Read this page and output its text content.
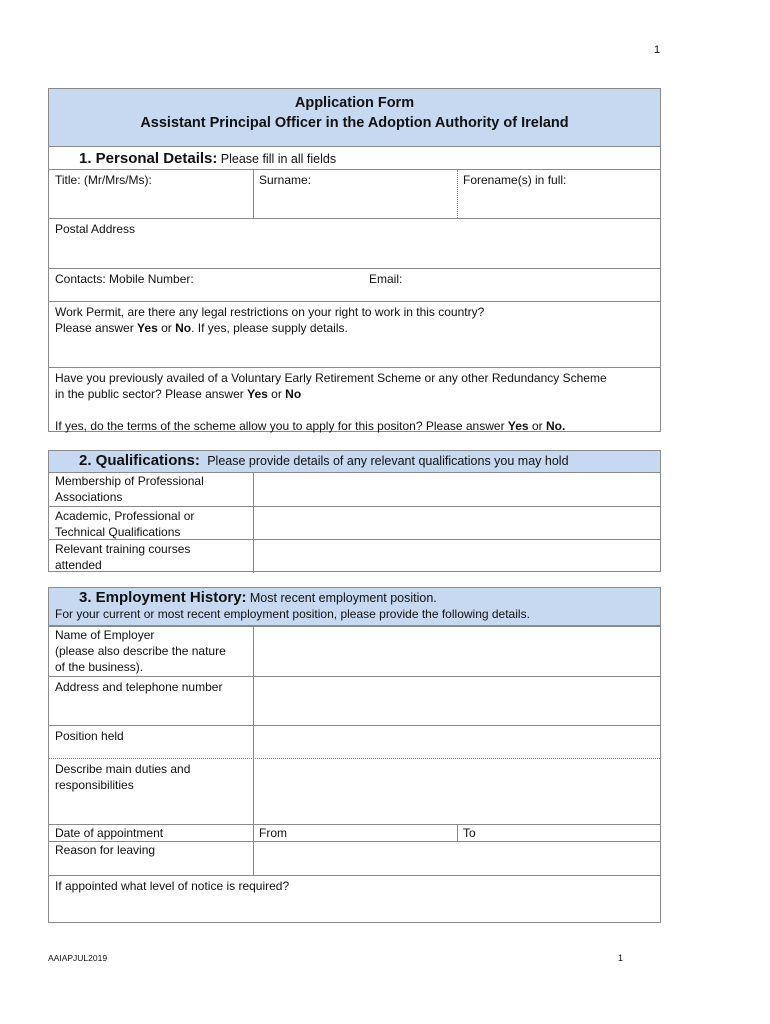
1
Application Form
Assistant Principal Officer in the Adoption Authority of Ireland
1. Personal Details: Please fill in all fields
Title: (Mr/Mrs/Ms):	Surname:	Forename(s) in full:
Postal Address
Contacts: Mobile Number:	Email:
Work Permit, are there any legal restrictions on your right to work in this country?
Please answer Yes or No. If yes, please supply details.
Have you previously availed of a Voluntary Early Retirement Scheme or any other Redundancy Scheme
in the public sector? Please answer Yes or No
If yes, do the terms of the scheme allow you to apply for this positon? Please answer Yes or No.
2. Qualifications: Please provide details of any relevant qualifications you may hold
Membership of Professional
Associations
Academic, Professional or
Technical Qualifications
Relevant training courses
attended
3. Employment History: Most recent employment position.
For your current or most recent employment position, please provide the following details.
Name of Employer
(please also describe the nature
of the business).
Address and telephone number
Position held
Describe main duties and
responsibilities
Date of appointment	From	To
Reason for leaving
If appointed what level of notice is required?
AAIAPJUL2019	1
